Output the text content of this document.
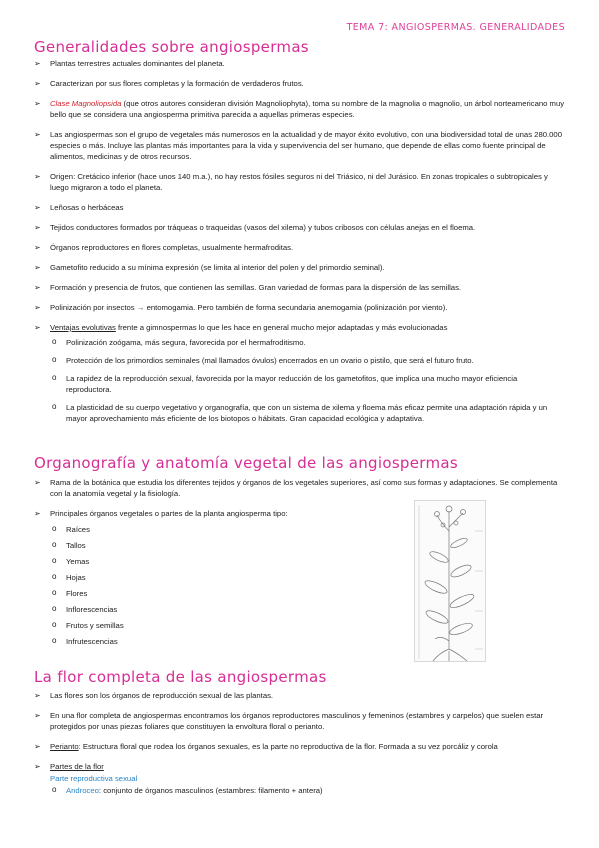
TEMA 7: ANGIOSPERMAS. GENERALIDADES
Generalidades sobre angiospermas
➢ Plantas terrestres actuales dominantes del planeta.
➢ Caracterizan por sus flores completas y la formación de verdaderos frutos.
➢ Clase Magnoliopsida (que otros autores consideran división Magnoliophyta), toma su nombre de la magnolia o magnolio, un árbol norteamericano muy bello que se considera una angiosperma primitiva parecida a aquellas primeras especies.
➢ Las angiospermas son el grupo de vegetales más numerosos en la actualidad y de mayor éxito evolutivo, con una biodiversidad total de unas 280.000 especies o más. Incluye las plantas más importantes para la vida y supervivencia del ser humano, que depende de ellas como fuente principal de alimentos, medicinas y de otros recursos.
➢ Origen: Cretácico inferior (hace unos 140 m.a.), no hay restos fósiles seguros ni del Triásico, ni del Jurásico. En zonas tropicales o subtropicales y luego migraron a todo el planeta.
➢ Leñosas o herbáceas
➢ Tejidos conductores formados por tráqueas o traqueidas (vasos del xilema) y tubos cribosos con células anejas en el floema.
➢ Órganos reproductores en flores completas, usualmente hermafroditas.
➢ Gametofito reducido a su mínima expresión (se limita al interior del polen y del primordio seminal).
➢ Formación y presencia de frutos, que contienen las semillas. Gran variedad de formas para la dispersión de las semillas.
➢ Polinización por insectos → entomogamia. Pero también de forma secundaria anemogamia (polinización por viento).
➢ Ventajas evolutivas frente a gimnospermas lo que les hace en general mucho mejor adaptadas y más evolucionadas
o Polinización zoógama, más segura, favorecida por el hermafroditismo.
o Protección de los primordios seminales (mal llamados óvulos) encerrados en un ovario o pistilo, que será el futuro fruto.
o La rapidez de la reproducción sexual, favorecida por la mayor reducción de los gametofitos, que implica una mucho mayor eficiencia reproductora.
o La plasticidad de su cuerpo vegetativo y organografía, que con un sistema de xilema y floema más eficaz permite una adaptación rápida y un mayor aprovechamiento más eficiente de los biotopos o hábitats. Gran capacidad ecológica y adaptativa.
Organografía y anatomía vegetal de las angiospermas
➢ Rama de la botánica que estudia los diferentes tejidos y órganos de los vegetales superiores, así como sus formas y adaptaciones. Se complementa con la anatomía vegetal y la fisiología.
➢ Principales órganos vegetales o partes de la planta angiosperma tipo:
o Raíces
o Tallos
o Yemas
o Hojas
o Flores
o Inflorescencias
o Frutos y semillas
o Infrutescencias
La flor completa de las angiospermas
➢ Las flores son los órganos de reproducción sexual de las plantas.
➢ En una flor completa de angiospermas encontramos los órganos reproductores masculinos y femeninos (estambres y carpelos) que suelen estar protegidos por unas piezas foliares que constituyen la envoltura floral o perianto.
➢ Perianto: Estructura floral que rodea los órganos sexuales, es la parte no reproductiva de la flor. Formada a su vez porcáliz y corola
➢ Partes de la flor
Parte reproductiva sexual
o Androceo: conjunto de órganos masculinos (estambres: filamento + antera)
